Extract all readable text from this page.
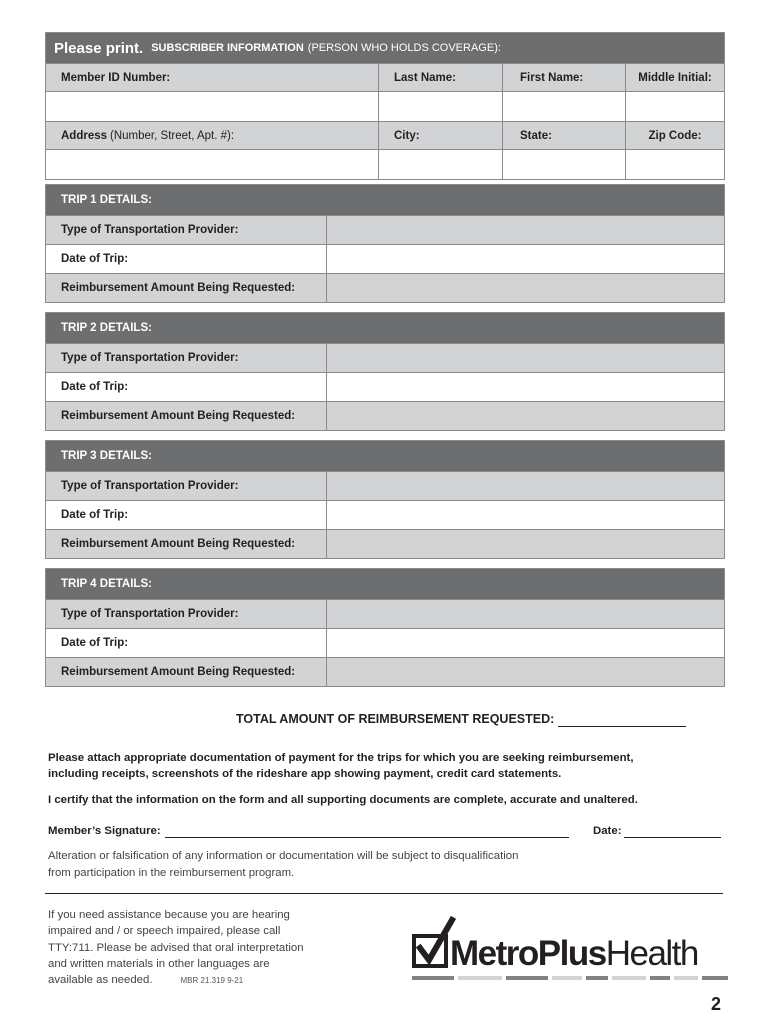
Please print. SUBSCRIBER INFORMATION (PERSON WHO HOLDS COVERAGE):
Member ID Number:	Last Name:	First Name:	Middle Initial:
Address (Number, Street, Apt. #):	City:	State:	Zip Code:
TRIP 1 DETAILS:
Type of Transportation Provider:
Date of Trip:
Reimbursement Amount Being Requested:
TRIP 2 DETAILS:
Type of Transportation Provider:
Date of Trip:
Reimbursement Amount Being Requested:
TRIP 3 DETAILS:
Type of Transportation Provider:
Date of Trip:
Reimbursement Amount Being Requested:
TRIP 4 DETAILS:
Type of Transportation Provider:
Date of Trip:
Reimbursement Amount Being Requested:
TOTAL AMOUNT OF REIMBURSEMENT REQUESTED:
Please attach appropriate documentation of payment for the trips for which you are seeking reimbursement,
including receipts, screenshots of the rideshare app showing payment, credit card statements.
I certify that the information on the form and all supporting documents are complete, accurate and unaltered.
Member’s Signature:	Date:
Alteration or falsification of any information or documentation will be subject to disqualification
from participation in the reimbursement program.
If you need assistance because you are hearing
impaired and / or speech impaired, please call
TTY:711. Please be advised that oral interpretation
and written materials in other languages are
available as needed.	MBR 21.319 9-21
MetroPlusHealth
2
